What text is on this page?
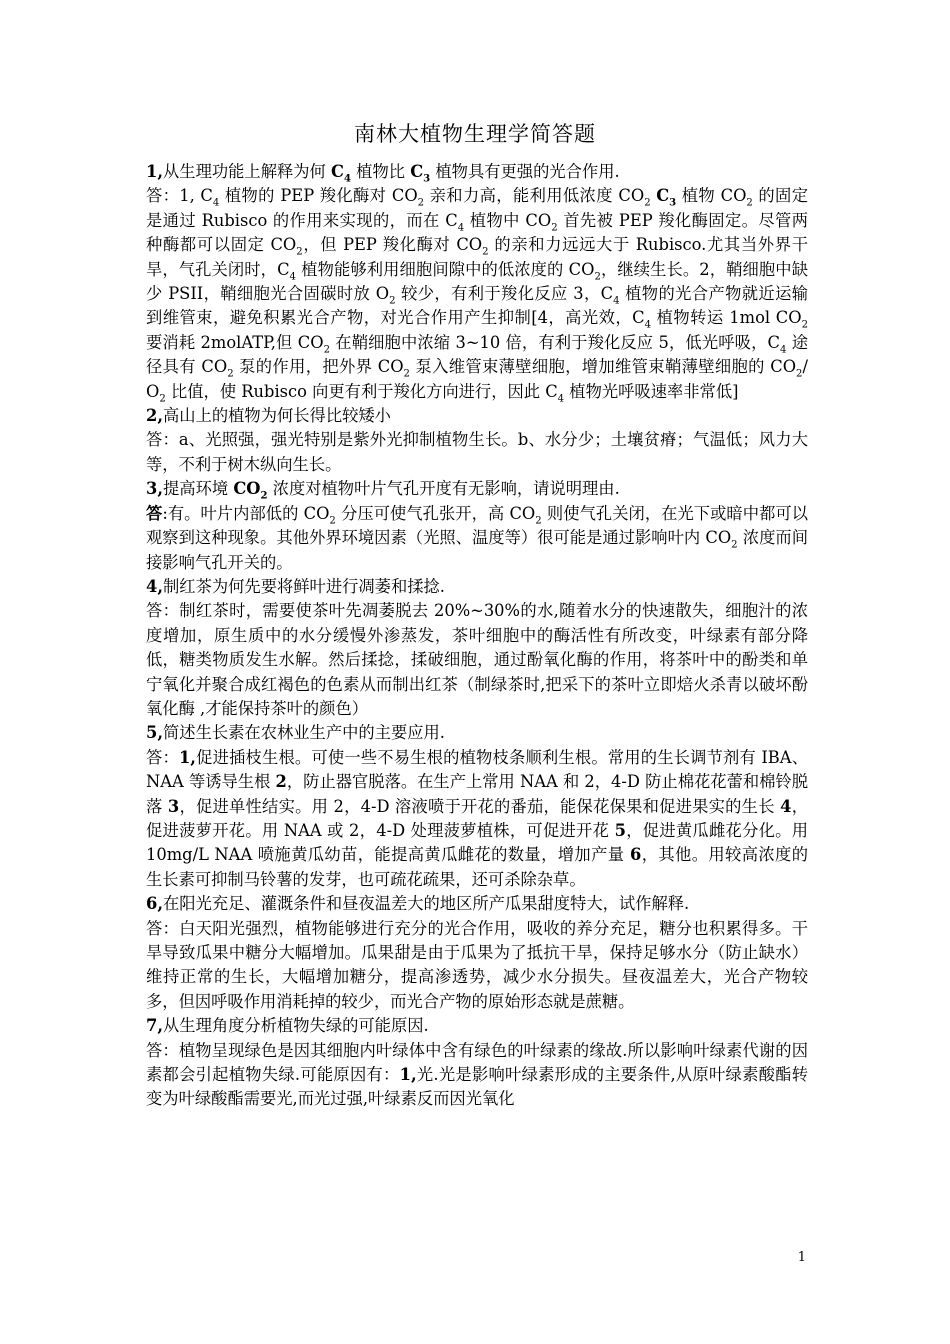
南林大植物生理学简答题

1,从生理功能上解释为何 $C_4$ 植物比 $C_3$ 植物具有更强的光合作用.

答：1, $C_4$ 植物的 PEP 羧化酶对 $CO_2$ 亲和力高，能利用低浓度 $CO_2$ $C_3$ 植物 $CO_2$ 的固定是通过 Rubisco 的作用来实现的，而在 $C_4$ 植物中 $CO_2$ 首先被 PEP 羧化酶固定。尽管两种酶都可以固定 $CO_2$，但 PEP 羧化酶对 $CO_2$ 的亲和力远远大于 Rubisco.尤其当外界干旱，气孔关闭时，$C_4$ 植物能够利用细胞间隙中的低浓度的 $CO_2$，继续生长。2，鞘细胞中缺少 PSII，鞘细胞光合固碳时放 $O_2$ 较少，有利于羧化反应 3，$C_4$ 植物的光合产物就近运输到维管束，避免积累光合产物，对光合作用产生抑制[4，高光效，$C_4$ 植物转运 1mol $CO_2$ 要消耗 2molATP,但 $CO_2$ 在鞘细胞中浓缩 3~10 倍，有利于羧化反应 5，低光呼吸，$C_4$ 途径具有 $CO_2$ 泵的作用，把外界 $CO_2$ 泵入维管束薄壁细胞，增加维管束鞘薄壁细胞的 $CO_2/$ $O_2$ 比值，使 Rubisco 向更有利于羧化方向进行，因此 $C_4$ 植物光呼吸速率非常低]

2,高山上的植物为何长得比较矮小

答：a、光照强，强光特别是紫外光抑制植物生长。b、水分少；土壤贫瘠；气温低；风力大等，不利于树木纵向生长。

3,提高环境 $CO_2$ 浓度对植物叶片气孔开度有无影响，请说明理由.

答:有。叶片内部低的 $CO_2$ 分压可使气孔张开，高 $CO_2$ 则使气孔关闭，在光下或暗中都可以观察到这种现象。其他外界环境因素（光照、温度等）很可能是通过影响叶内 $CO_2$ 浓度而间接影响气孔开关的。

4,制红茶为何先要将鲜叶进行凋萎和揉捻.

答：制红茶时，需要使茶叶先凋萎脱去 20%~30%的水,随着水分的快速散失，细胞汁的浓度增加，原生质中的水分缓慢外渗蒸发，茶叶细胞中的酶活性有所改变，叶绿素有部分降低，糖类物质发生水解。然后揉捻，揉破细胞，通过酚氧化酶的作用，将茶叶中的酚类和单宁氧化并聚合成红褐色的色素从而制出红茶（制绿茶时,把采下的茶叶立即焙火杀青以破坏酚氧化酶 ,才能保持茶叶的颜色）

5,简述生长素在农林业生产中的主要应用.

答：1,促进插枝生根。可使一些不易生根的植物枝条顺利生根。常用的生长调节剂有 IBA、NAA 等诱导生根 2，防止器官脱落。在生产上常用 NAA 和 2，4-D 防止棉花花蕾和棉铃脱落 3，促进单性结实。用 2，4-D 溶液喷于开花的番茄，能保花保果和促进果实的生长 4，促进菠萝开花。用 NAA 或 2，4-D 处理菠萝植株，可促进开花 5，促进黄瓜雌花分化。用 10mg/L NAA 喷施黄瓜幼苗，能提高黄瓜雌花的数量，增加产量 6，其他。用较高浓度的生长素可抑制马铃薯的发芽，也可疏花疏果，还可杀除杂草。

6,在阳光充足、灌溉条件和昼夜温差大的地区所产瓜果甜度特大，试作解释.

答：白天阳光强烈，植物能够进行充分的光合作用，吸收的养分充足，糖分也积累得多。干旱导致瓜果中糖分大幅增加。瓜果甜是由于瓜果为了抵抗干旱，保持足够水分（防止缺水）维持正常的生长，大幅增加糖分，提高渗透势，减少水分损失。昼夜温差大，光合产物较多，但因呼吸作用消耗掉的较少，而光合产物的原始形态就是蔗糖。

7,从生理角度分析植物失绿的可能原因.

答：植物呈现绿色是因其细胞内叶绿体中含有绿色的叶绿素的缘故.所以影响叶绿素代谢的因素都会引起植物失绿.可能原因有：1,光.光是影响叶绿素形成的主要条件,从原叶绿素酸酯转变为叶绿酸酯需要光,而光过强,叶绿素反而因光氧化

1
